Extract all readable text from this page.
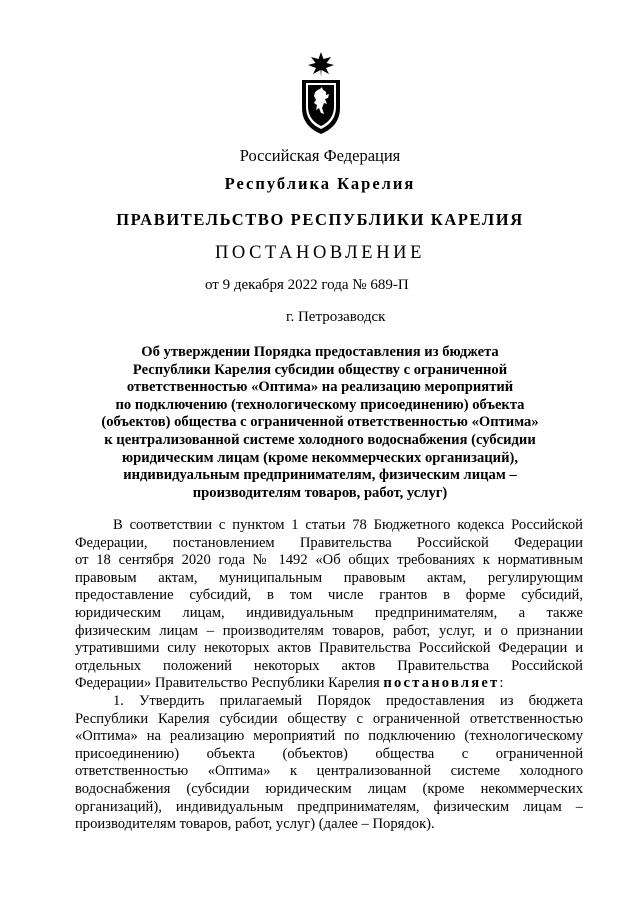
Российская Федерация
Республика Карелия
ПРАВИТЕЛЬСТВО РЕСПУБЛИКИ КАРЕЛИЯ
ПОСТАНОВЛЕНИЕ
от 9 декабря 2022 года № 689-П
г. Петрозаводск
Об утверждении Порядка предоставления из бюджета
Республики Карелия субсидии обществу с ограниченной
ответственностью «Оптима» на реализацию мероприятий
по подключению (технологическому присоединению) объекта
(объектов) общества с ограниченной ответственностью «Оптима»
к централизованной системе холодного водоснабжения (субсидии
юридическим лицам (кроме некоммерческих организаций),
индивидуальным предпринимателям, физическим лицам –
производителям товаров, работ, услуг)
В соответствии с пунктом 1 статьи 78 Бюджетного кодекса Российской
Федерации, постановлением Правительства Российской Федерации
от 18 сентября 2020 года № 1492 «Об общих требованиях к нормативным
правовым актам, муниципальным правовым актам, регулирующим
предоставление субсидий, в том числе грантов в форме субсидий,
юридическим лицам, индивидуальным предпринимателям, а также
физическим лицам – производителям товаров, работ, услуг, и о признании
утратившими силу некоторых актов Правительства Российской Федерации и
отдельных положений некоторых актов Правительства Российской
Федерации» Правительство Республики Карелия постановляет:
1. Утвердить прилагаемый Порядок предоставления из бюджета
Республики Карелия субсидии обществу с ограниченной ответственностью
«Оптима» на реализацию мероприятий по подключению (технологическому
присоединению) объекта (объектов) общества с ограниченной
ответственностью «Оптима» к централизованной системе холодного
водоснабжения (субсидии юридическим лицам (кроме некоммерческих
организаций), индивидуальным предпринимателям, физическим лицам –
производителям товаров, работ, услуг) (далее – Порядок).
